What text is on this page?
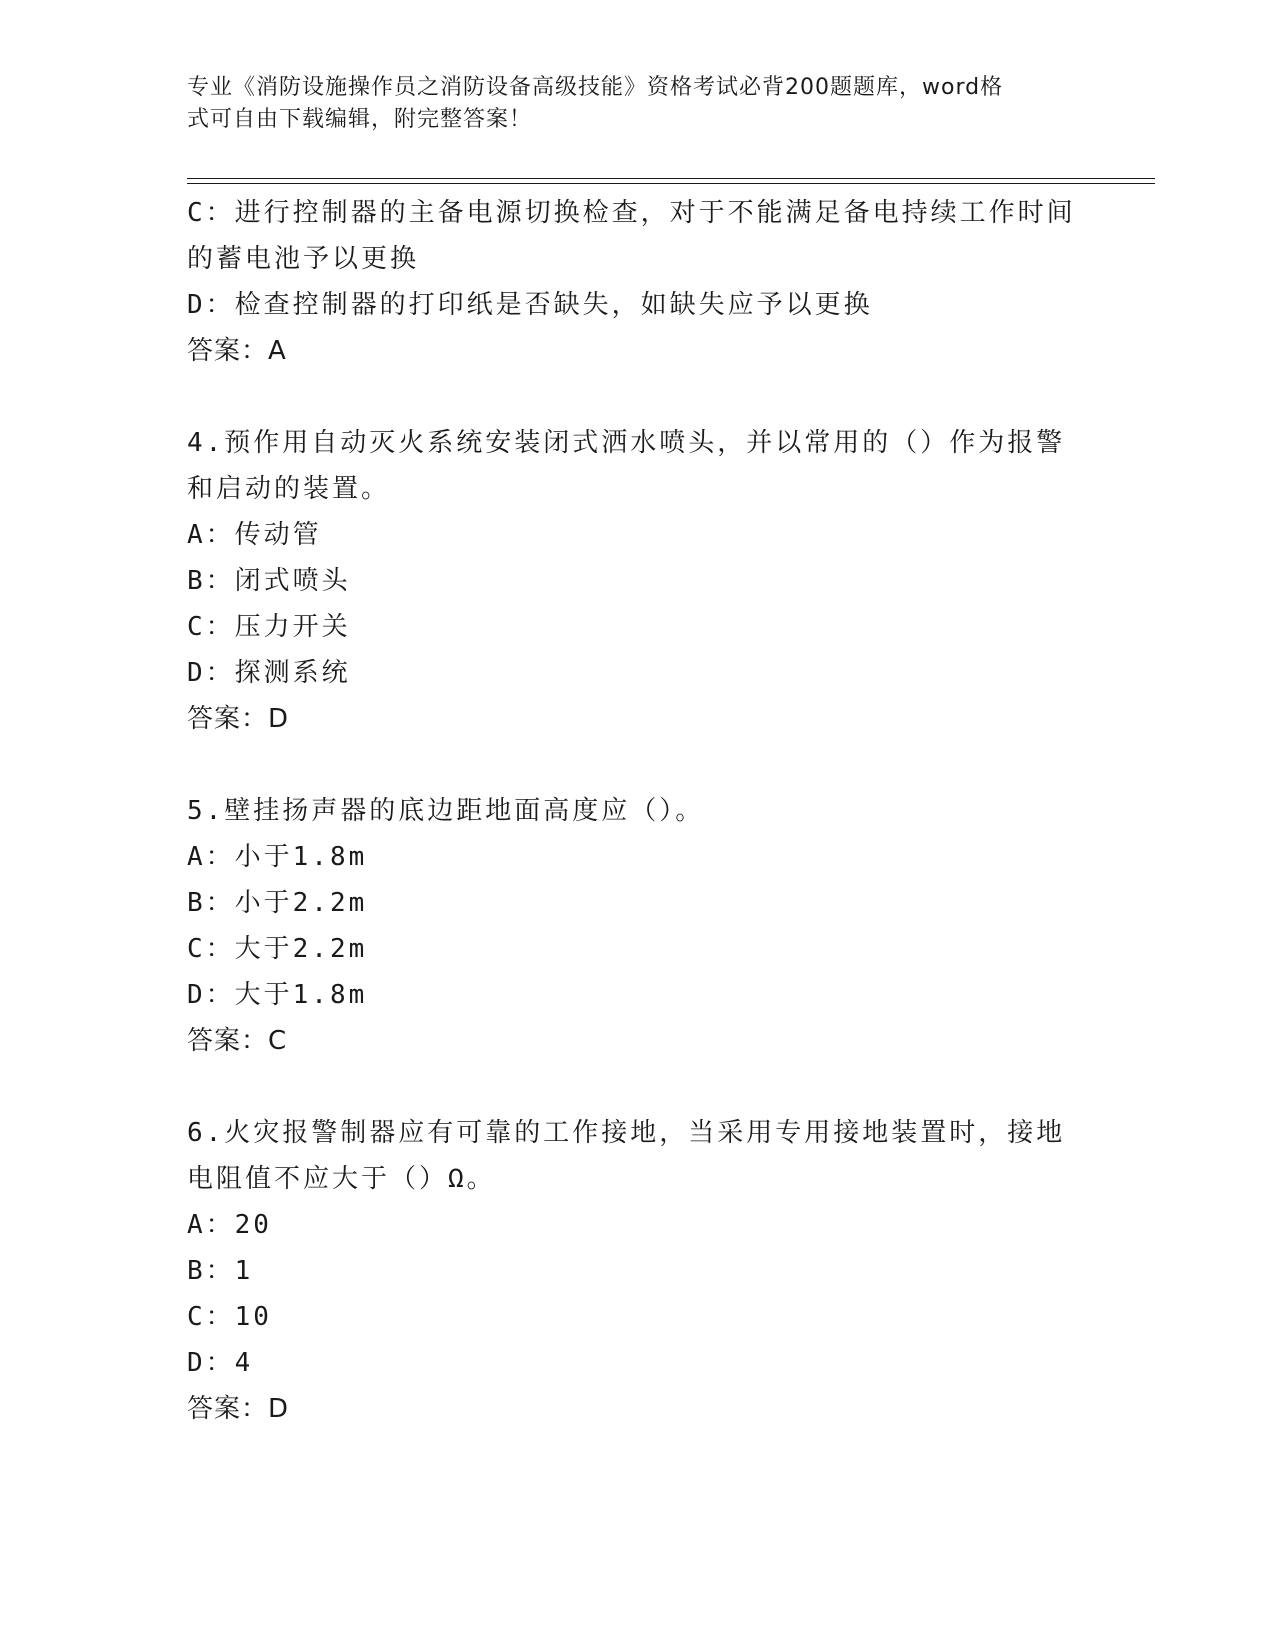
专业《消防设施操作员之消防设备高级技能》资格考试必背200题题库，word格
式可自由下载编辑，附完整答案！
C：进行控制器的主备电源切换检查，对于不能满足备电持续工作时间
的蓄电池予以更换
D：检查控制器的打印纸是否缺失，如缺失应予以更换
答案：A
4.预作用自动灭火系统安装闭式洒水喷头，并以常用的（）作为报警
和启动的装置。
A：传动管
B：闭式喷头
C：压力开关
D：探测系统
答案：D
5.壁挂扬声器的底边距地面高度应（）。
A：小于1.8m
B：小于2.2m
C：大于2.2m
D：大于1.8m
答案：C
6.火灾报警制器应有可靠的工作接地，当采用专用接地装置时，接地
电阻值不应大于（）Ω。
A：20
B：1
C：10
D：4
答案：D
